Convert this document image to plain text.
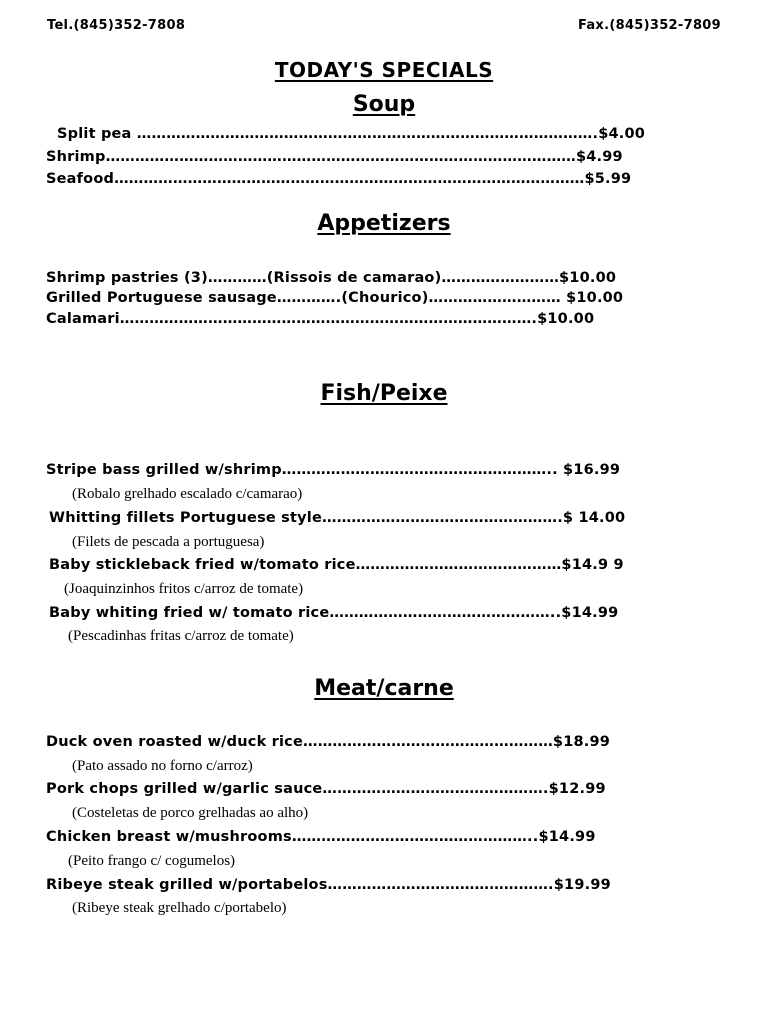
Tel.(845)352-7808	Fax.(845)352-7809
TODAY'S SPECIALS
Soup
Split pea ………………………………………………………………………………….$4.00
Shrimp……………………………………………………………………………………$4.99
Seafood……………………………………………………………………………………$5.99
Appetizers
Shrimp pastries (3)…………(Rissois de camarao)……………………$10.00
Grilled Portuguese sausage………….(Chourico)……………………… $10.00
Calamari………………………………………………………………………….$10.00
Fish/Peixe
Stripe bass grilled w/shrimp……………………………………………….. $16.99
(Robalo grelhado escalado c/camarao)
Whitting fillets Portuguese style………………………………………….$ 14.00
(Filets de pescada a portuguesa)
Baby stickleback fried w/tomato rice……………………………………$14.9 9
(Joaquinzinhos fritos c/arroz de tomate)
Baby whiting fried w/ tomato rice………………………………………..$14.99
(Pescadinhas fritas c/arroz de tomate)
Meat/carne
Duck oven roasted w/duck rice……………………………………………$18.99
(Pato assado no forno c/arroz)
Pork chops grilled w/garlic sauce……………………………………….$12.99
(Costeletas de porco grelhadas ao alho)
Chicken breast w/mushrooms…………………………………………..$14.99
(Peito frango c/ cogumelos)
Ribeye steak grilled w/portabelos……………………………………….$19.99
(Ribeye steak grelhado c/portabelo)
